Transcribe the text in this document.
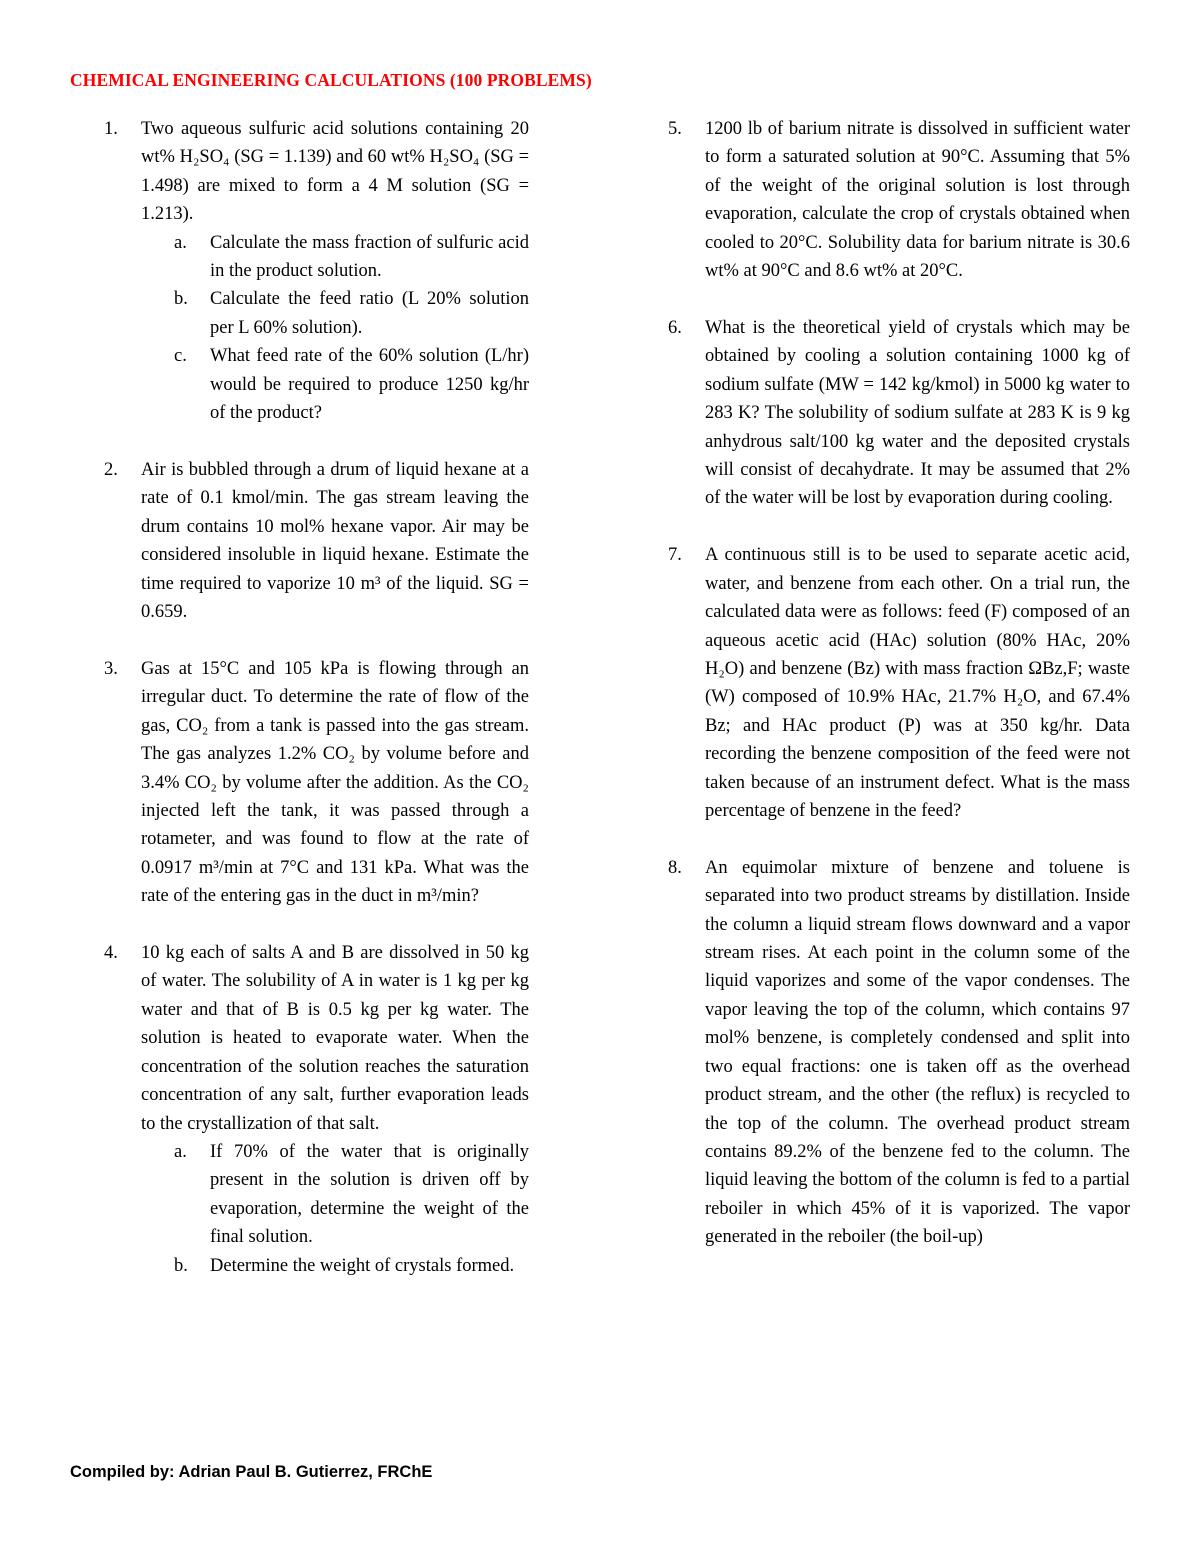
CHEMICAL ENGINEERING CALCULATIONS (100 PROBLEMS)
1.	Two aqueous sulfuric acid solutions containing 20 wt% H₂SO₄ (SG = 1.139) and 60 wt% H₂SO₄ (SG = 1.498) are mixed to form a 4 M solution (SG = 1.213).

a.	Calculate the mass fraction of sulfuric acid in the product solution.

b.	Calculate the feed ratio (L 20% solution per L 60% solution).

c.	What feed rate of the 60% solution (L/hr) would be required to produce 1250 kg/hr of the product?

2.	Air is bubbled through a drum of liquid hexane at a rate of 0.1 kmol/min. The gas stream leaving the drum contains 10 mol% hexane vapor. Air may be considered insoluble in liquid hexane. Estimate the time required to vaporize 10 m³ of the liquid. SG = 0.659.

3.	Gas at 15°C and 105 kPa is flowing through an irregular duct. To determine the rate of flow of the gas, CO₂ from a tank is passed into the gas stream. The gas analyzes 1.2% CO₂ by volume before and 3.4% CO₂ by volume after the addition. As the CO₂ injected left the tank, it was passed through a rotameter, and was found to flow at the rate of 0.0917 m³/min at 7°C and 131 kPa. What was the rate of the entering gas in the duct in m³/min?

4.	10 kg each of salts A and B are dissolved in 50 kg of water. The solubility of A in water is 1 kg per kg water and that of B is 0.5 kg per kg water. The solution is heated to evaporate water. When the concentration of the solution reaches the saturation concentration of any salt, further evaporation leads to the crystallization of that salt.

a.	If 70% of the water that is originally present in the solution is driven off by evaporation, determine the weight of the final solution.

b.	Determine the weight of crystals formed.

5.	1200 lb of barium nitrate is dissolved in sufficient water to form a saturated solution at 90°C. Assuming that 5% of the weight of the original solution is lost through evaporation, calculate the crop of crystals obtained when cooled to 20°C. Solubility data for barium nitrate is 30.6 wt% at 90°C and 8.6 wt% at 20°C.

6.	What is the theoretical yield of crystals which may be obtained by cooling a solution containing 1000 kg of sodium sulfate (MW = 142 kg/kmol) in 5000 kg water to 283 K? The solubility of sodium sulfate at 283 K is 9 kg anhydrous salt/100 kg water and the deposited crystals will consist of decahydrate. It may be assumed that 2% of the water will be lost by evaporation during cooling.

7.	A continuous still is to be used to separate acetic acid, water, and benzene from each other. On a trial run, the calculated data were as follows: feed (F) composed of an aqueous acetic acid (HAc) solution (80% HAc, 20% H₂O) and benzene (Bz) with mass fraction ΩBz,F; waste (W) composed of 10.9% HAc, 21.7% H₂O, and 67.4% Bz; and HAc product (P) was at 350 kg/hr. Data recording the benzene composition of the feed were not taken because of an instrument defect. What is the mass percentage of benzene in the feed?

8.	An equimolar mixture of benzene and toluene is separated into two product streams by distillation. Inside the column a liquid stream flows downward and a vapor stream rises. At each point in the column some of the liquid vaporizes and some of the vapor condenses. The vapor leaving the top of the column, which contains 97 mol% benzene, is completely condensed and split into two equal fractions: one is taken off as the overhead product stream, and the other (the reflux) is recycled to the top of the column. The overhead product stream contains 89.2% of the benzene fed to the column. The liquid leaving the bottom of the column is fed to a partial reboiler in which 45% of it is vaporized. The vapor generated in the reboiler (the boil-up)

Compiled by: Adrian Paul B. Gutierrez, FRChE
